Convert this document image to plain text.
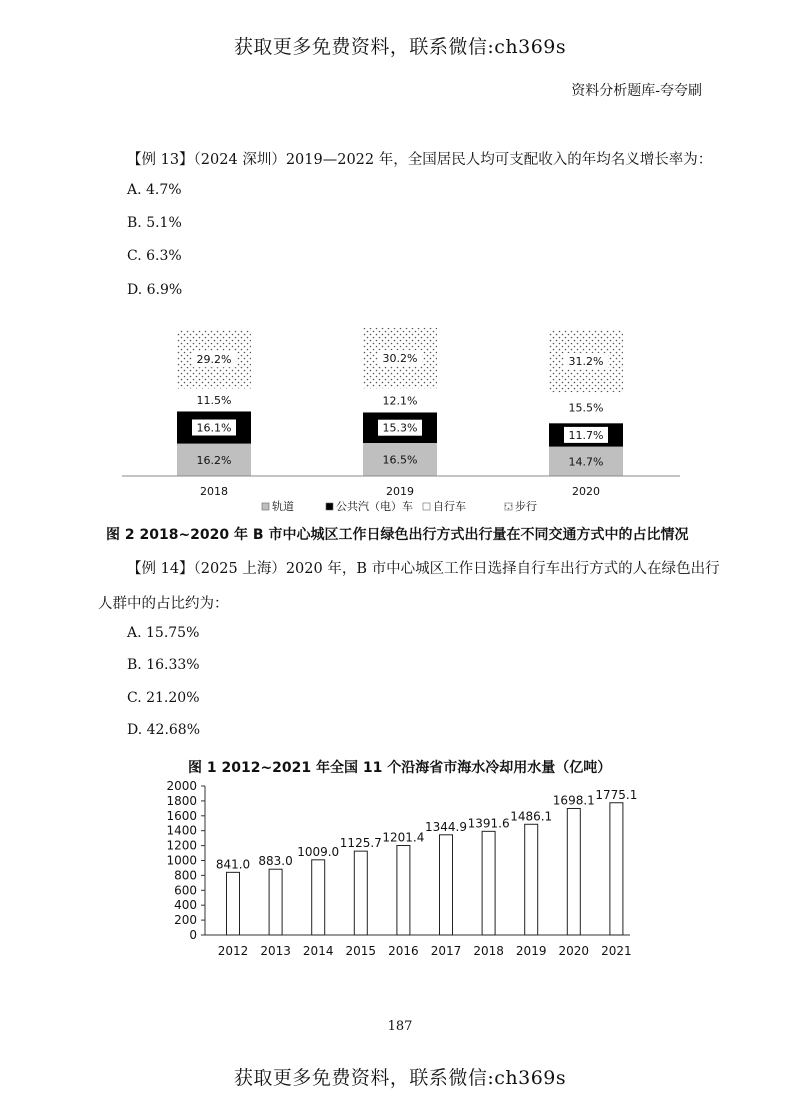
获取更多免费资料，联系微信:ch369s
资料分析题库-夸夸刷
【例 13】（2024 深圳）2019—2022 年，全国居民人均可支配收入的年均名义增长率为：
A. 4.7%
B. 5.1%
C. 6.3%
D. 6.9%
16.2%
16.1%
11.5%
29.2%
16.5%
15.3%
12.1%
30.2%
14.7%
11.7%
15.5%
31.2%
2018	2019	2020
轨道	公共汽（电）车 自行车	步行
图 2 2018~2020 年 B 市中心城区工作日绿色出行方式出行量在不同交通方式中的占比情况
【例 14】（2025 上海）2020 年，B 市中心城区工作日选择自行车出行方式的人在绿色出行
人群中的占比约为：
A. 15.75%
B. 16.33%
C. 21.20%
D. 42.68%
图 1 2012~2021 年全国 11 个沿海省市海水冷却用水量（亿吨）
0
200
400
600
800
1000
1200
1400
1600
1800
2000
841.0 883.0
1009.0
1125.7 1201.4
1344.9 1391.6
1486.1
1698.1 1775.1
2012 2013 2014 2015 2016 2017 2018 2019 2020 2021
187
获取更多免费资料，联系微信:ch369s
